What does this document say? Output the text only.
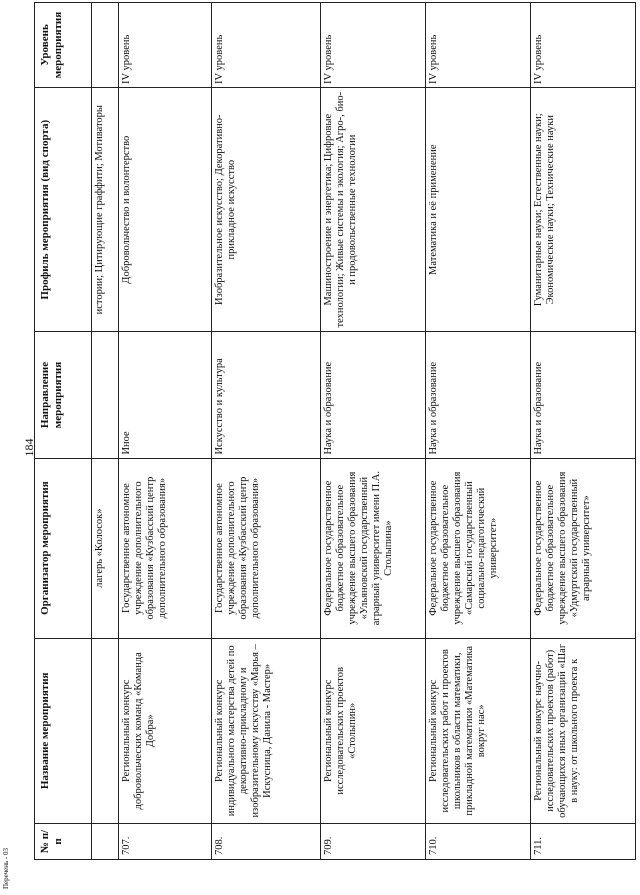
184
Перечень - 03
№ п/п	Название мероприятия	Организатор мероприятия	Направление мероприятия	Профиль мероприятия (вид спорта)	Уровень мероприятия
		лагерь «Колосок»		истории; Цитирующие граффити; Мотиваторы	
707.	Региональный конкурс добровольческих команд «Команда Добра»	Государственное автономное учреждение дополнительного образования «Кузбасский центр дополнительного образования»	Иное	Добровольчество и волонтерство	IV уровень
708.	Региональный конкурс индивидуального мастерства детей по декоративно-прикладному и изобразительному искусству «Марья – Искусница, Данила - Мастер»	Государственное автономное учреждение дополнительного образования «Кузбасский центр дополнительного образования»	Искусство и культура	Изобразительное искусство; Декоративно-прикладное искусство	IV уровень
709.	Региональный конкурс исследовательских проектов «Столыпин»	Федеральное государственное бюджетное образовательное учреждение высшего образования «Ульяновский государственный аграрный университет имени П.А. Столыпина»	Наука и образование	Машиностроение и энергетика; Цифровые технологии; Живые системы и экология; Агро-, био- и продовольственные технологии	IV уровень
710.	Региональный конкурс исследовательских работ и проектов школьников в области математики, прикладной математики «Математика вокруг нас»	Федеральное государственное бюджетное образовательное учреждение высшего образования «Самарский государственный социально-педагогический университет»	Наука и образование	Математика и её применение	IV уровень
711.	Региональный конкурс научно-исследовательских проектов (работ) обучающихся иных организаций «Шаг в науку: от школьного проекта к	Федеральное государственное бюджетное образовательное учреждение высшего образования «Удмуртский государственный аграрный университет»	Наука и образование	Гуманитарные науки; Естественные науки; Экономические науки; Технические науки	IV уровень
